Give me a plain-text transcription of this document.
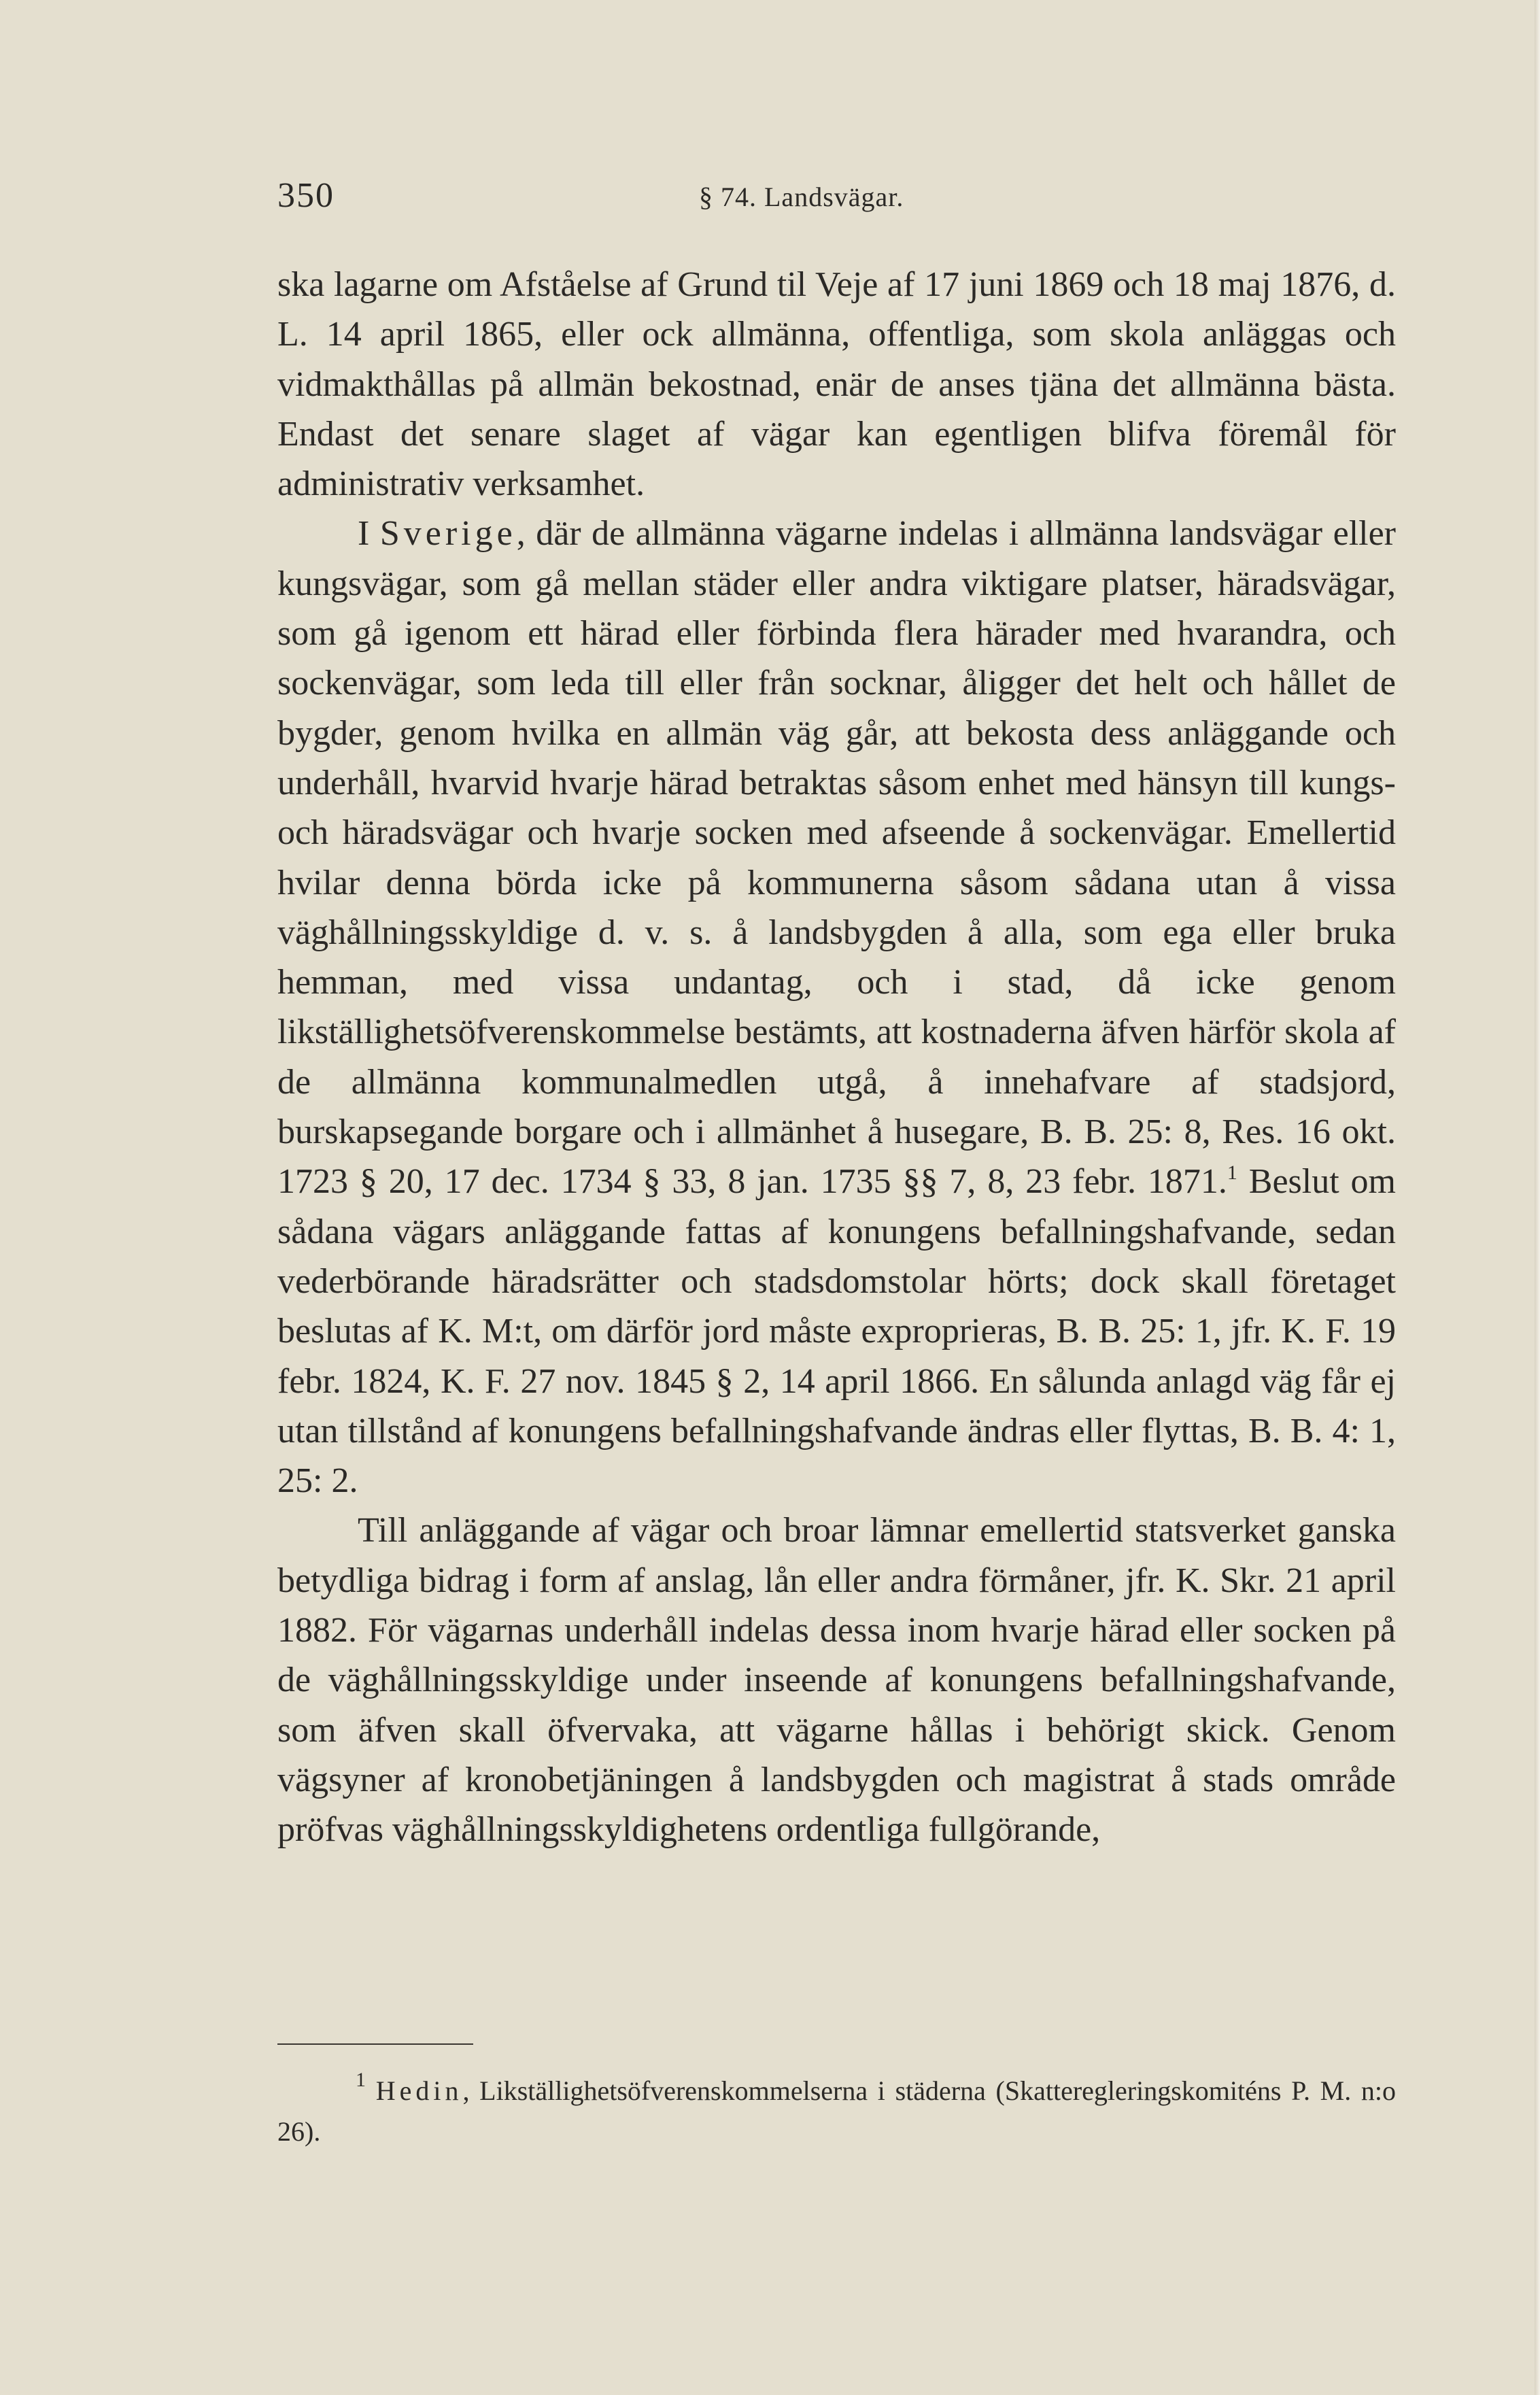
350	§ 74. Landsvägar.

ska lagarne om Afståelse af Grund til Veje af 17 juni 1869 och 18 maj 1876, d. L. 14 april 1865, eller ock allmänna, offentliga, som skola anläggas och vidmakthållas på allmän bekostnad, enär de anses tjäna det allmänna bästa. Endast det senare slaget af vägar kan egentligen blifva föremål för administrativ verksamhet.

I Sverige, där de allmänna vägarne indelas i allmänna landsvägar eller kungsvägar, som gå mellan städer eller andra viktigare platser, häradsvägar, som gå igenom ett härad eller förbinda flera härader med hvarandra, och sockenvägar, som leda till eller från socknar, åligger det helt och hållet de bygder, genom hvilka en allmän väg går, att bekosta dess anläggande och underhåll, hvarvid hvarje härad betraktas såsom enhet med hänsyn till kungs- och häradsvägar och hvarje socken med afseende å sockenvägar. Emellertid hvilar denna börda icke på kommunerna såsom sådana utan å vissa väghållningsskyldige d. v. s. å landsbygden å alla, som ega eller bruka hemman, med vissa undantag, och i stad, då icke genom likställighetsöfverenskommelse bestämts, att kostnaderna äfven härför skola af de allmänna kommunalmedlen utgå, å innehafvare af stadsjord, burskapsegande borgare och i allmänhet å husegare, B. B. 25: 8, Res. 16 okt. 1723 § 20, 17 dec. 1734 § 33, 8 jan. 1735 §§ 7, 8, 23 febr. 1871.$^1$ Beslut om sådana vägars anläggande fattas af konungens befallningshafvande, sedan vederbörande häradsrätter och stadsdomstolar hörts; dock skall företaget beslutas af K. M:t, om därför jord måste exproprieras, B. B. 25: 1, jfr. K. F. 19 febr. 1824, K. F. 27 nov. 1845 § 2, 14 april 1866. En sålunda anlagd väg får ej utan tillstånd af konungens befallningshafvande ändras eller flyttas, B. B. 4: 1, 25: 2.

Till anläggande af vägar och broar lämnar emellertid statsverket ganska betydliga bidrag i form af anslag, lån eller andra förmåner, jfr. K. Skr. 21 april 1882. För vägarnas underhåll indelas dessa inom hvarje härad eller socken på de väghållningsskyldige under inseende af konungens befallningshafvande, som äfven skall öfvervaka, att vägarne hållas i behörigt skick. Genom vägsyner af kronobetjäningen å landsbygden och magistrat å stads område pröfvas väghållningsskyldighetens ordentliga fullgörande,

$^1$ Hedin, Likställighetsöfverenskommelserna i städerna (Skatteregleringskomiténs P. M. n:o 26).
